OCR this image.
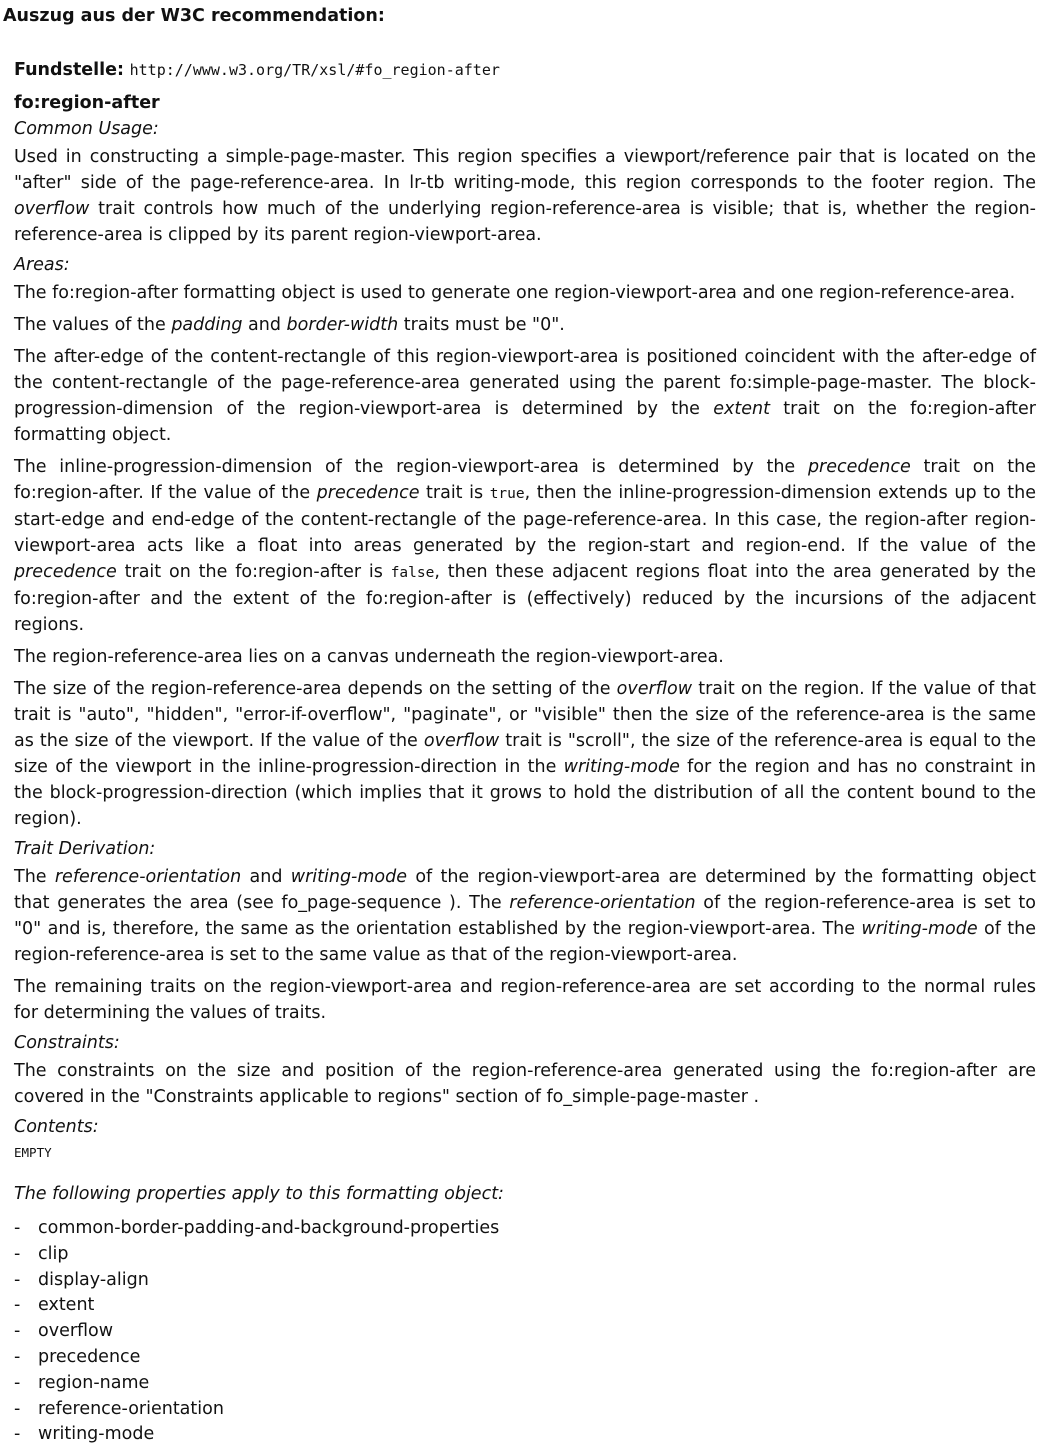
Auszug aus der W3C recommendation:
Fundstelle: http://www.w3.org/TR/xsl/#fo_region-after
fo:region-after
Common Usage:

Used in constructing a simple-page-master. This region specifies a viewport/reference pair that is located on the "after" side of the page-reference-area. In lr-tb writing-mode, this region corresponds to the footer region. The overflow trait controls how much of the underlying region-reference-area is visible; that is, whether the region-reference-area is clipped by its parent region-viewport-area.

Areas:

The fo:region-after formatting object is used to generate one region-viewport-area and one region-reference-area.

The values of the padding and border-width traits must be "0".

The after-edge of the content-rectangle of this region-viewport-area is positioned coincident with the after-edge of the content-rectangle of the page-reference-area generated using the parent fo:simple-page-master. The block-progression-dimension of the region-viewport-area is determined by the extent trait on the fo:region-after formatting object.

The inline-progression-dimension of the region-viewport-area is determined by the precedence trait on the fo:region-after. If the value of the precedence trait is true, then the inline-progression-dimension extends up to the start-edge and end-edge of the content-rectangle of the page-reference-area. In this case, the region-after region-viewport-area acts like a float into areas generated by the region-start and region-end. If the value of the precedence trait on the fo:region-after is false, then these adjacent regions float into the area generated by the fo:region-after and the extent of the fo:region-after is (effectively) reduced by the incursions of the adjacent regions.

The region-reference-area lies on a canvas underneath the region-viewport-area.

The size of the region-reference-area depends on the setting of the overflow trait on the region. If the value of that trait is "auto", "hidden", "error-if-overflow", "paginate", or "visible" then the size of the reference-area is the same as the size of the viewport. If the value of the overflow trait is "scroll", the size of the reference-area is equal to the size of the viewport in the inline-progression-direction in the writing-mode for the region and has no constraint in the block-progression-direction (which implies that it grows to hold the distribution of all the content bound to the region).

Trait Derivation:

The reference-orientation and writing-mode of the region-viewport-area are determined by the formatting object that generates the area (see fo_page-sequence ). The reference-orientation of the region-reference-area is set to "0" and is, therefore, the same as the orientation established by the region-viewport-area. The writing-mode of the region-reference-area is set to the same value as that of the region-viewport-area.

The remaining traits on the region-viewport-area and region-reference-area are set according to the normal rules for determining the values of traits.

Constraints:

The constraints on the size and position of the region-reference-area generated using the fo:region-after are covered in the "Constraints applicable to regions" section of fo_simple-page-master .

Contents:
EMPTY
The following properties apply to this formatting object:
-	common-border-padding-and-background-properties
-	clip
-	display-align
-	extent
-	overflow
-	precedence
-	region-name
-	reference-orientation
-	writing-mode
